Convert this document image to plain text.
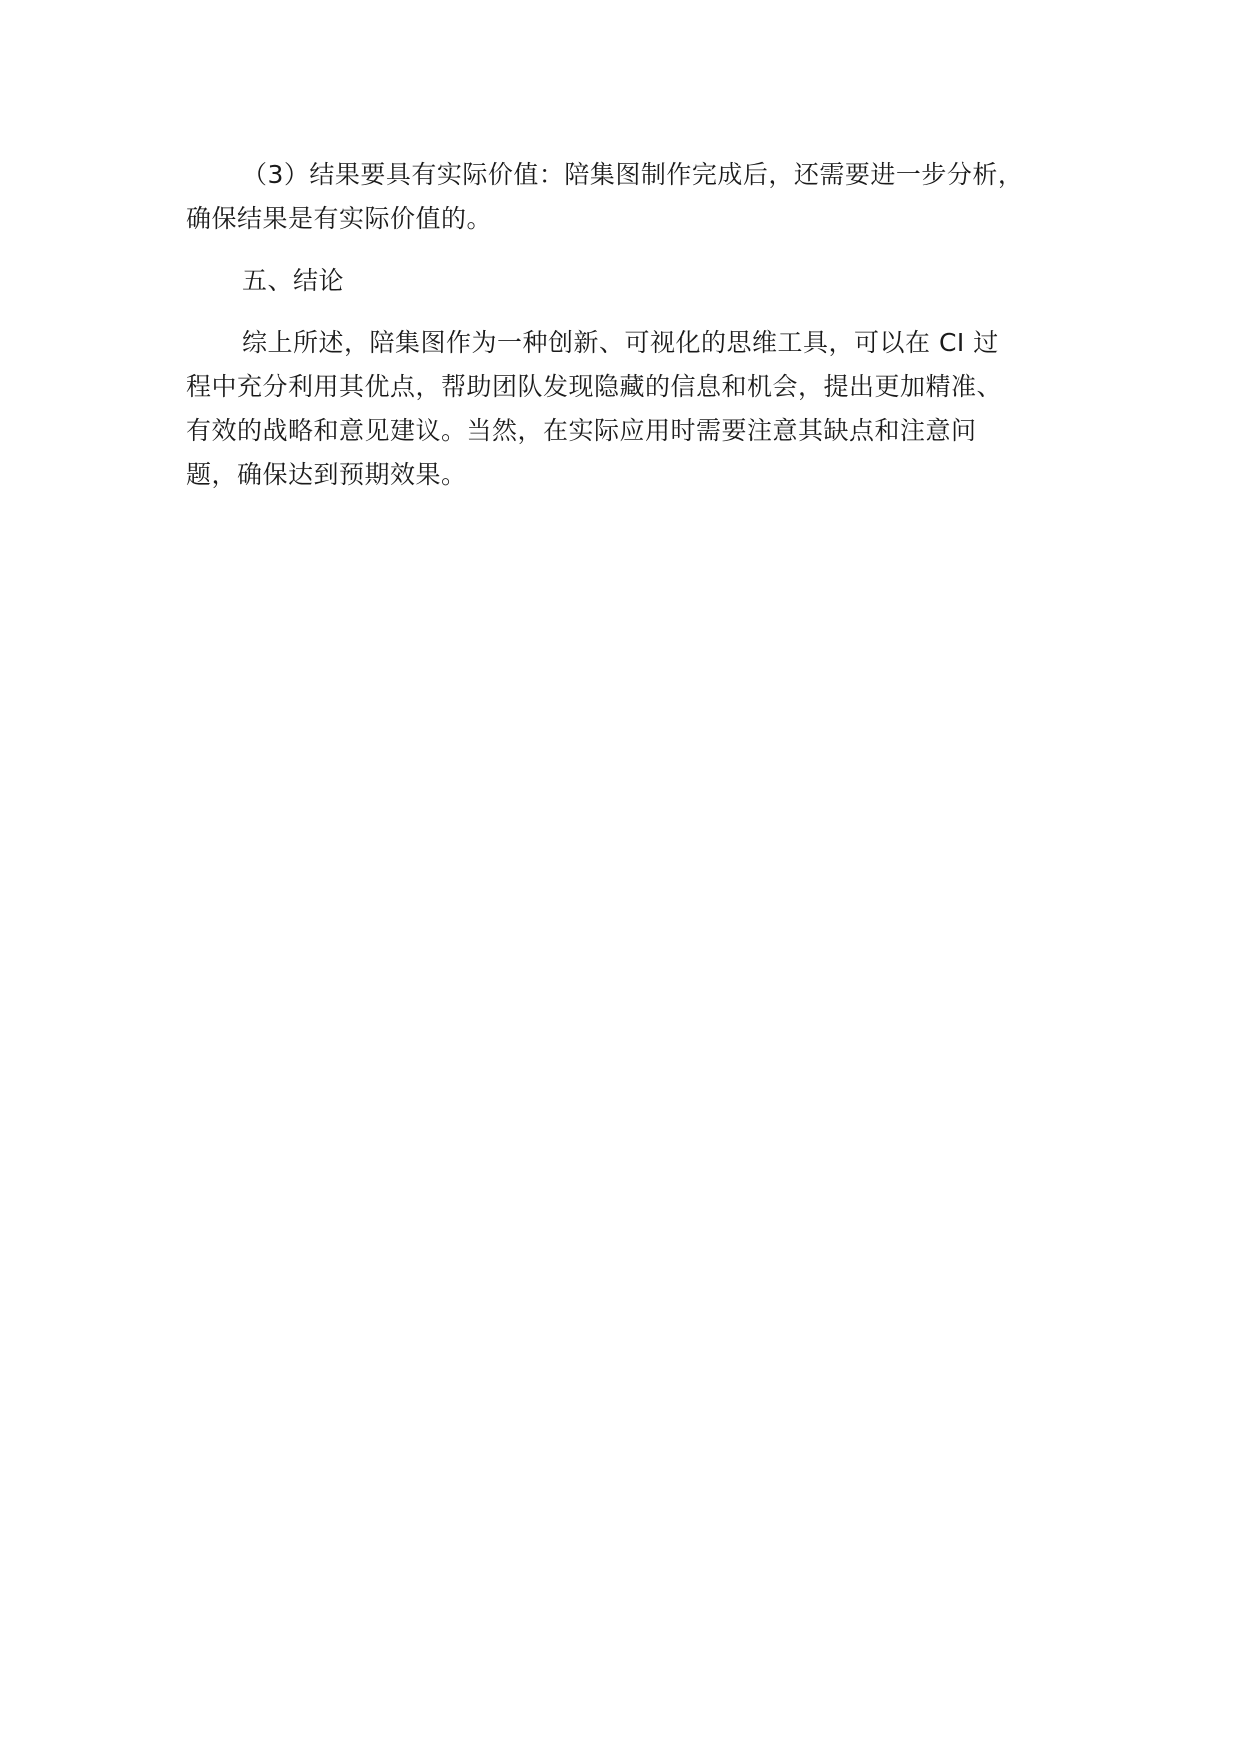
（3）结果要具有实际价值：陪集图制作完成后，还需要进一步分析，
确保结果是有实际价值的。

五、结论

综上所述，陪集图作为一种创新、可视化的思维工具，可以在 CI 过
程中充分利用其优点，帮助团队发现隐藏的信息和机会，提出更加精准、
有效的战略和意见建议。当然，在实际应用时需要注意其缺点和注意问
题，确保达到预期效果。
